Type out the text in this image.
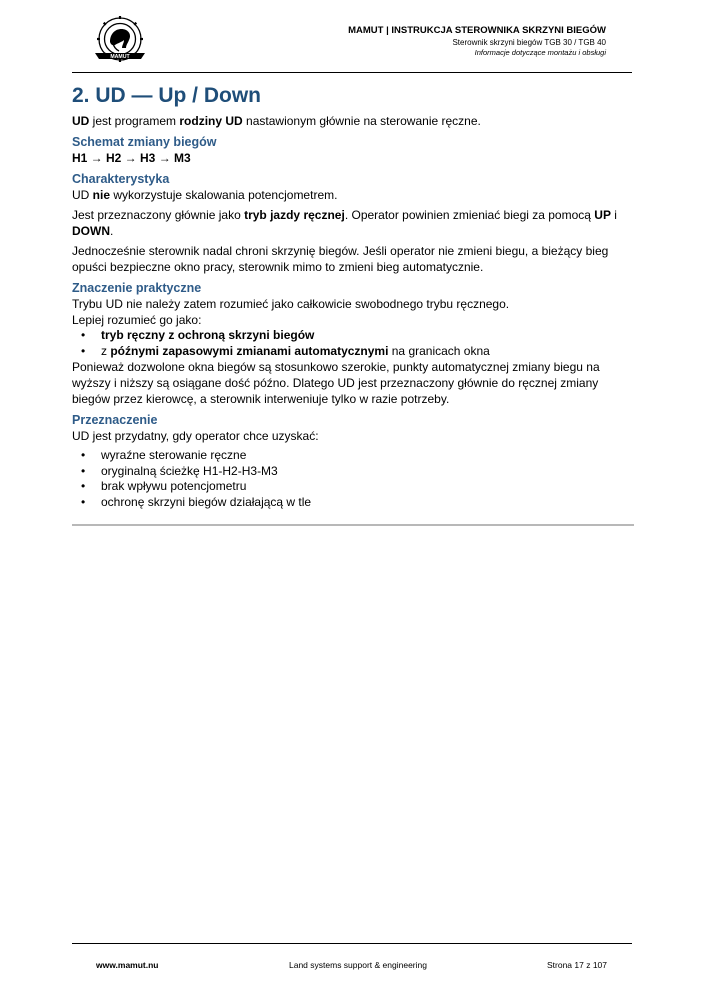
MAMUT
MAMUT | INSTRUKCJA STEROWNIKA SKRZYNI BIEGÓW
Sterownik skrzyni biegów TGB 30 / TGB 40
Informacje dotyczące montażu i obsługi
2. UD — Up / Down

UD jest programem rodziny UD nastawionym głównie na sterowanie ręczne.

Schemat zmiany biegów

H1 → H2 → H3 → M3

Charakterystyka

UD nie wykorzystuje skalowania potencjometrem.

Jest przeznaczony głównie jako tryb jazdy ręcznej. Operator powinien zmieniać biegi za pomocą UP i DOWN.

Jednocześnie sterownik nadal chroni skrzynię biegów. Jeśli operator nie zmieni biegu, a bieżący bieg opuści bezpieczne okno pracy, sterownik mimo to zmieni bieg automatycznie.

Znaczenie praktyczne

Trybu UD nie należy zatem rozumieć jako całkowicie swobodnego trybu ręcznego.

Lepiej rozumieć go jako:

• tryb ręczny z ochroną skrzyni biegów
• z późnymi zapasowymi zmianami automatycznymi na granicach okna

Ponieważ dozwolone okna biegów są stosunkowo szerokie, punkty automatycznej zmiany biegu na wyższy i niższy są osiągane dość późno. Dlatego UD jest przeznaczony głównie do ręcznej zmiany biegów przez kierowcę, a sterownik interweniuje tylko w razie potrzeby.

Przeznaczenie

UD jest przydatny, gdy operator chce uzyskać:

• wyraźne sterowanie ręczne
• oryginalną ścieżkę H1-H2-H3-M3
• brak wpływu potencjometru
• ochronę skrzyni biegów działającą w tle
www.mamut.nu	Land systems support & engineering	Strona 17 z 107
